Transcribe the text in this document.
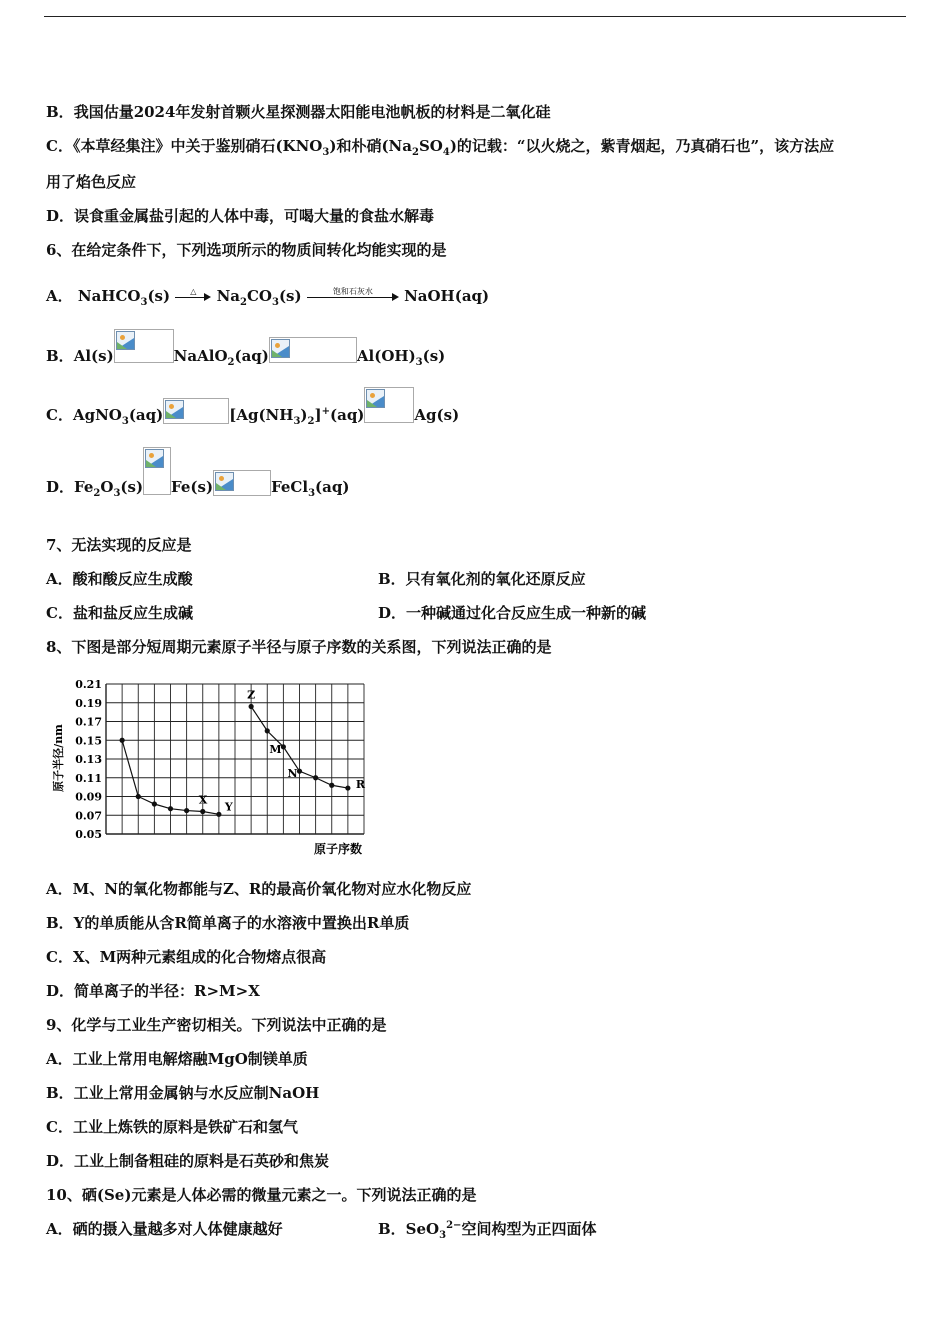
B．我国估量2024年发射首颗火星探测器太阳能电池帆板的材料是二氧化硅
C．《本草经集注》中关于鉴别硝石$(KNO_3)$和朴硝$(Na_2SO_4)$的记载：“以火烧之，紫青烟起，乃真硝石也”，该方法应
用了焰色反应
D．误食重金属盐引起的人体中毒，可喝大量的食盐水解毒
6、在给定条件下，下列选项所示的物质间转化均能实现的是
A． NaHCO$_3$(s)	△	$Na_2CO_3(s)$	饱和石灰水	NaOH(aq)
B．Al(s)	NaAlO$_2$(aq)	$Al(OH)_3(s)$
C．AgNO$_3$(aq)	$[Ag(NH_3)_2]^+(aq)$	Ag(s)
D．$Fe_2O_3(s)$ Fe(s)	FeCl$_3$(aq)
7、无法实现的反应是
A．酸和酸反应生成酸	B．只有氧化剂的氧化还原反应
C．盐和盐反应生成碱	D．一种碱通过化合反应生成一种新的碱
8、下图是部分短周期元素原子半径与原子序数的关系图，下列说法正确的是
0.21
0.19
0.17
0.15
0.13
0.11
0.09
0.07
0.05
原子半径/nm
原子序数
Z
M
N
R
X
Y
A．M、N的氧化物都能与Z、R的最高价氧化物对应水化物反应
B．Y的单质能从含R简单离子的水溶液中置换出R单质
C．X、M两种元素组成的化合物熔点很高
D．简单离子的半径：R>M>X
9、化学与工业生产密切相关。下列说法中正确的是
A．工业上常用电解熔融MgO制镁单质
B．工业上常用金属钠与水反应制NaOH
C．工业上炼铁的原料是铁矿石和氢气
D．工业上制备粗硅的原料是石英砂和焦炭
10、硒(Se)元素是人体必需的微量元素之一。下列说法正确的是
A．硒的摄入量越多对人体健康越好	B．SeO$_3^{2-}$空间构型为正四面体
